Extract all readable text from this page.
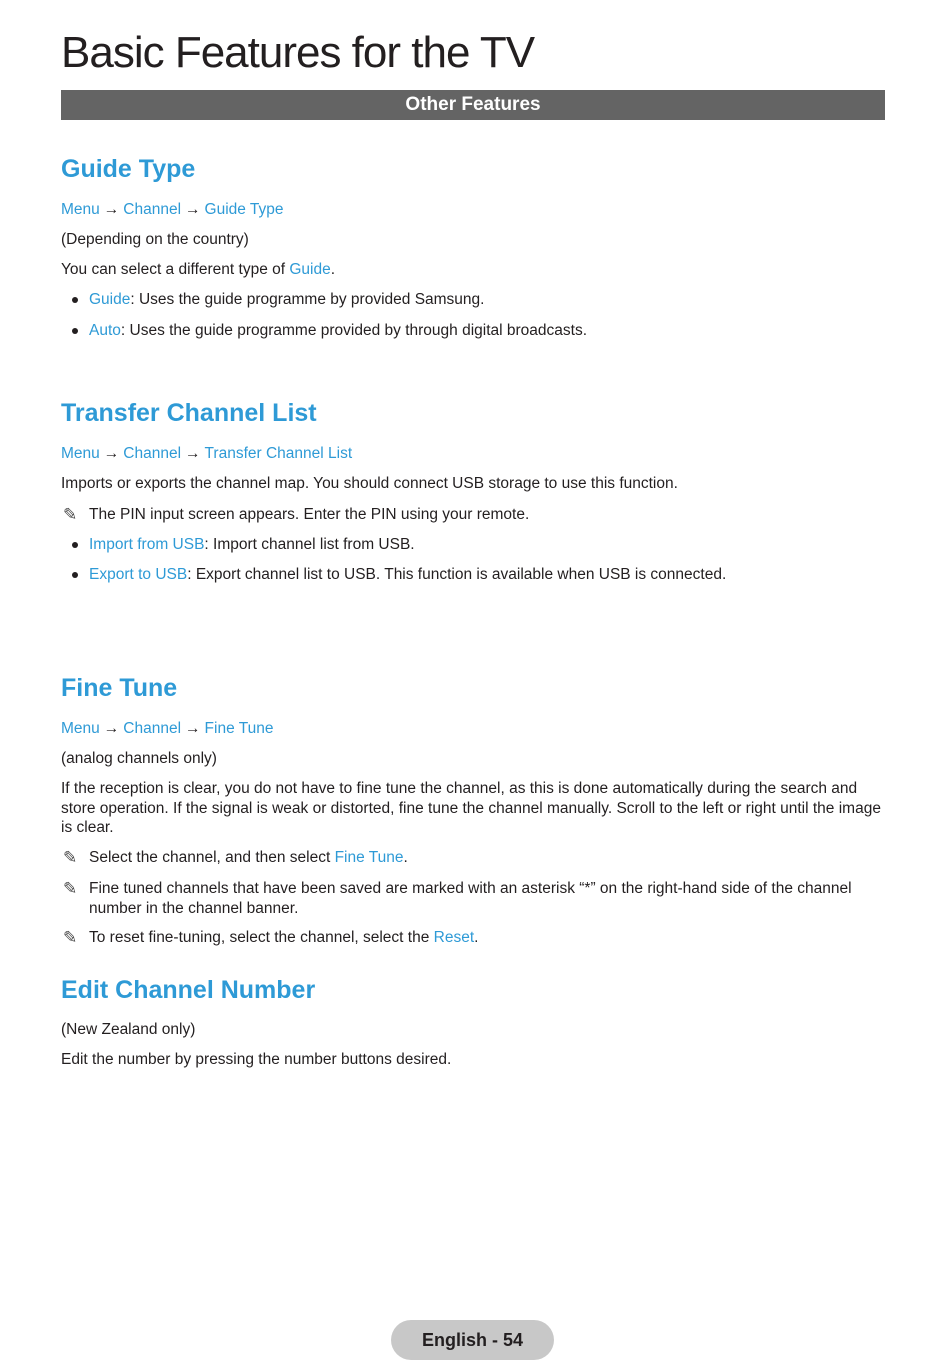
Basic Features for the TV
Other Features
Guide Type
Menu → Channel → Guide Type
(Depending on the country)
You can select a different type of Guide.
Guide: Uses the guide programme by provided Samsung.
Auto: Uses the guide programme provided by through digital broadcasts.
Transfer Channel List
Menu → Channel → Transfer Channel List
Imports or exports the channel map. You should connect USB storage to use this function.
✎ The PIN input screen appears. Enter the PIN using your remote.
Import from USB: Import channel list from USB.
Export to USB: Export channel list to USB. This function is available when USB is connected.
Fine Tune
Menu → Channel → Fine Tune
(analog channels only)
If the reception is clear, you do not have to fine tune the channel, as this is done automatically during the search and store operation. If the signal is weak or distorted, fine tune the channel manually. Scroll to the left or right until the image is clear.
✎ Select the channel, and then select Fine Tune.
✎ Fine tuned channels that have been saved are marked with an asterisk “*” on the right-hand side of the channel number in the channel banner.
✎ To reset fine-tuning, select the channel, select the Reset.
Edit Channel Number
(New Zealand only)
Edit the number by pressing the number buttons desired.
English - 54
